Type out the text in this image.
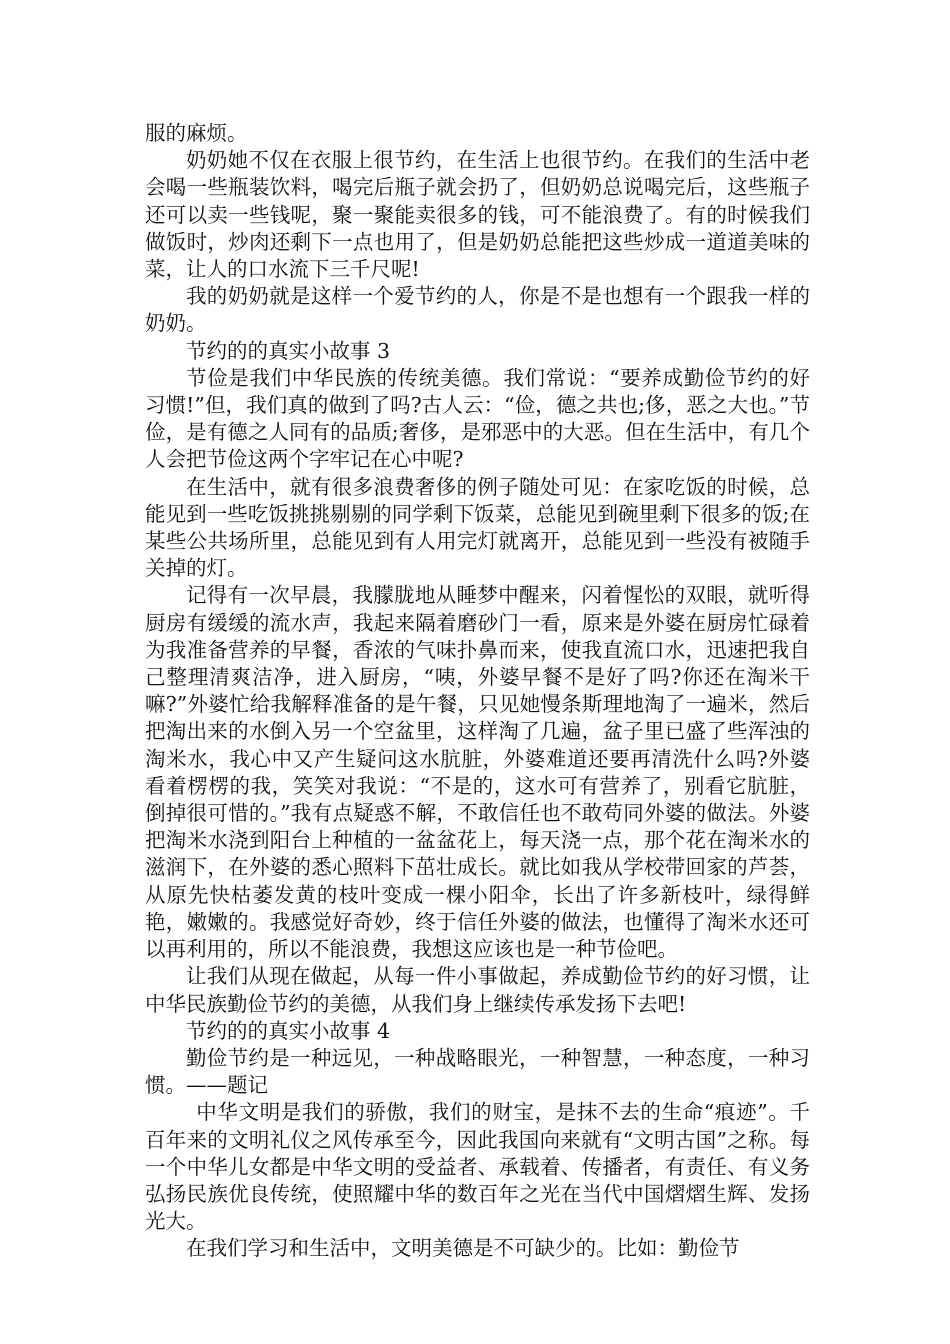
服的麻烦。

奶奶她不仅在衣服上很节约，在生活上也很节约。在我们的生活中老会喝一些瓶装饮料，喝完后瓶子就会扔了，但奶奶总说喝完后，这些瓶子还可以卖一些钱呢，聚一聚能卖很多的钱，可不能浪费了。有的时候我们做饭时，炒肉还剩下一点也用了，但是奶奶总能把这些炒成一道道美味的菜，让人的口水流下三千尺呢!

我的奶奶就是这样一个爱节约的人，你是不是也想有一个跟我一样的奶奶。

节约的的真实小故事 3

节俭是我们中华民族的传统美德。我们常说：“要养成勤俭节约的好习惯!”但，我们真的做到了吗?古人云：“俭，德之共也;侈，恶之大也。”节俭，是有德之人同有的品质;奢侈，是邪恶中的大恶。但在生活中，有几个人会把节俭这两个字牢记在心中呢?

在生活中，就有很多浪费奢侈的例子随处可见：在家吃饭的时候，总能见到一些吃饭挑挑剔剔的同学剩下饭菜，总能见到碗里剩下很多的饭;在某些公共场所里，总能见到有人用完灯就离开，总能见到一些没有被随手关掉的灯。

记得有一次早晨，我朦胧地从睡梦中醒来，闪着惺忪的双眼，就听得厨房有缓缓的流水声，我起来隔着磨砂门一看，原来是外婆在厨房忙碌着为我准备营养的早餐，香浓的气味扑鼻而来，使我直流口水，迅速把我自己整理清爽洁净，进入厨房，“咦，外婆早餐不是好了吗?你还在淘米干嘛?”外婆忙给我解释准备的是午餐，只见她慢条斯理地淘了一遍米，然后把淘出来的水倒入另一个空盆里，这样淘了几遍，盆子里已盛了些浑浊的淘米水，我心中又产生疑问这水肮脏，外婆难道还要再清洗什么吗?外婆看着楞楞的我，笑笑对我说：“不是的，这水可有营养了，别看它肮脏，倒掉很可惜的。”我有点疑惑不解，不敢信任也不敢苟同外婆的做法。外婆把淘米水浇到阳台上种植的一盆盆花上，每天浇一点，那个花在淘米水的滋润下，在外婆的悉心照料下茁壮成长。就比如我从学校带回家的芦荟，从原先快枯萎发黄的枝叶变成一棵小阳伞，长出了许多新枝叶，绿得鲜艳，嫩嫩的。我感觉好奇妙，终于信任外婆的做法，也懂得了淘米水还可以再利用的，所以不能浪费，我想这应该也是一种节俭吧。

让我们从现在做起，从每一件小事做起，养成勤俭节约的好习惯，让中华民族勤俭节约的美德，从我们身上继续传承发扬下去吧!

节约的的真实小故事 4

勤俭节约是一种远见，一种战略眼光，一种智慧，一种态度，一种习惯。——题记

中华文明是我们的骄傲，我们的财宝，是抹不去的生命“痕迹”。千百年来的文明礼仪之风传承至今，因此我国向来就有“文明古国”之称。每一个中华儿女都是中华文明的受益者、承载着、传播者，有责任、有义务弘扬民族优良传统，使照耀中华的数百年之光在当代中国熠熠生辉、发扬光大。

在我们学习和生活中，文明美德是不可缺少的。比如：勤俭节
